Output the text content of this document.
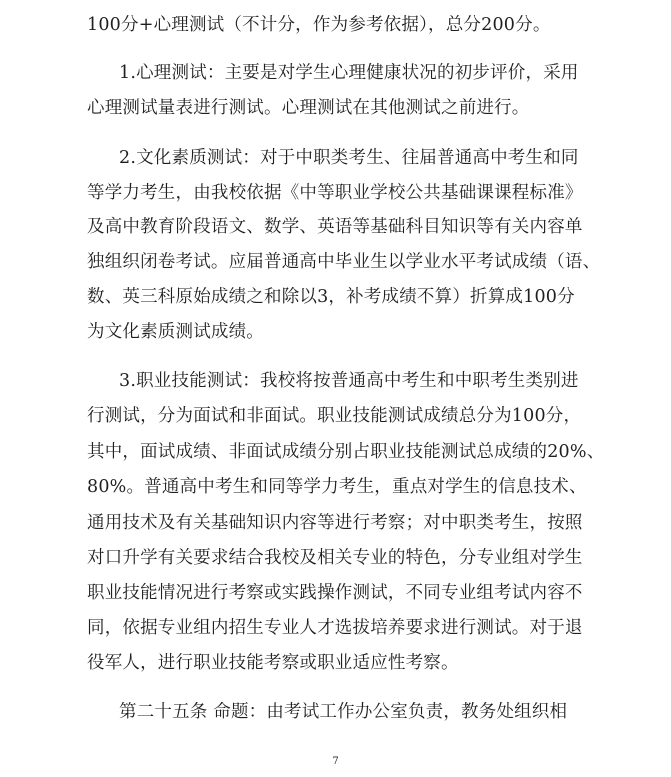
100分+心理测试（不计分，作为参考依据），总分200分。

1.心理测试：主要是对学生心理健康状况的初步评价，采用

心理测试量表进行测试。心理测试在其他测试之前进行。

2.文化素质测试：对于中职类考生、往届普通高中考生和同

等学力考生，由我校依据《中等职业学校公共基础课课程标准》

及高中教育阶段语文、数学、英语等基础科目知识等有关内容单

独组织闭卷考试。应届普通高中毕业生以学业水平考试成绩（语、

数、英三科原始成绩之和除以3，补考成绩不算）折算成100分

为文化素质测试成绩。

3.职业技能测试：我校将按普通高中考生和中职考生类别进

行测试，分为面试和非面试。职业技能测试成绩总分为100分，

其中，面试成绩、非面试成绩分别占职业技能测试总成绩的20%、

80%。普通高中考生和同等学力考生，重点对学生的信息技术、

通用技术及有关基础知识内容等进行考察；对中职类考生，按照

对口升学有关要求结合我校及相关专业的特色，分专业组对学生

职业技能情况进行考察或实践操作测试，不同专业组考试内容不

同，依据专业组内招生专业人才选拔培养要求进行测试。对于退

役军人，进行职业技能考察或职业适应性考察。

第二十五条 命题：由考试工作办公室负责，教务处组织相

7
